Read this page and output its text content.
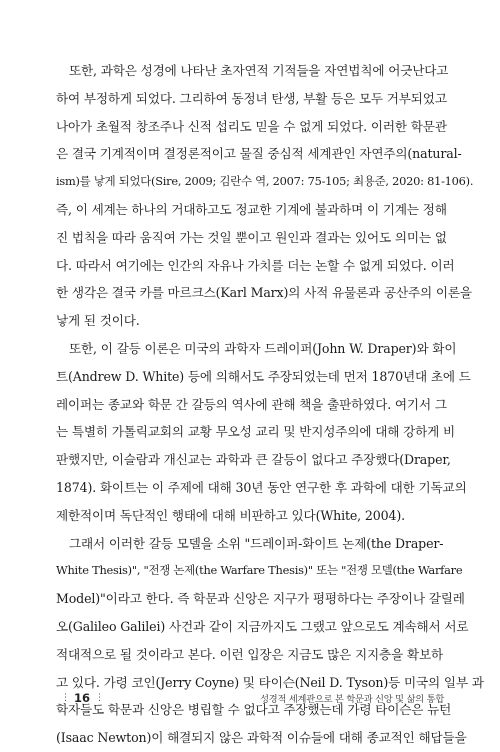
또한, 과학은 성경에 나타난 초자연적 기적들을 자연법칙에 어긋난다고
하여 부정하게 되었다. 그리하여 동정녀 탄생, 부활 등은 모두 거부되었고
나아가 초월적 창조주나 신적 섭리도 믿을 수 없게 되었다. 이러한 학문관
은 결국 기계적이며 결정론적이고 물질 중심적 세계관인 자연주의(natural-
ism)를 낳게 되었다(Sire, 2009; 김란수 역, 2007: 75-105; 최용준, 2020: 81-106).
즉, 이 세계는 하나의 거대하고도 정교한 기계에 불과하며 이 기계는 정해
진 법칙을 따라 움직여 가는 것일 뿐이고 원인과 결과는 있어도 의미는 없
다. 따라서 여기에는 인간의 자유나 가치를 더는 논할 수 없게 되었다. 이러
한 생각은 결국 카를 마르크스(Karl Marx)의 사적 유물론과 공산주의 이론을
낳게 된 것이다.
또한, 이 갈등 이론은 미국의 과학자 드레이퍼(John W. Draper)와 화이
트(Andrew D. White) 등에 의해서도 주장되었는데 먼저 1870년대 초에 드
레이퍼는 종교와 학문 간 갈등의 역사에 관해 책을 출판하였다. 여기서 그
는 특별히 가톨릭교회의 교황 무오성 교리 및 반지성주의에 대해 강하게 비
판했지만, 이슬람과 개신교는 과학과 큰 갈등이 없다고 주장했다(Draper,
1874). 화이트는 이 주제에 대해 30년 동안 연구한 후 과학에 대한 기독교의
제한적이며 독단적인 행태에 대해 비판하고 있다(White, 2004).
그래서 이러한 갈등 모델을 소위 "드레이퍼-화이트 논제(the Draper-
White Thesis)", "전쟁 논제(the Warfare Thesis)" 또는 "전쟁 모델(the Warfare
Model)"이라고 한다. 즉 학문과 신앙은 지구가 평평하다는 주장이나 갈릴레
오(Galileo Galilei) 사건과 같이 지금까지도 그랬고 앞으로도 계속해서 서로
적대적으로 될 것이라고 본다. 이런 입장은 지금도 많은 지지층을 확보하
고 있다. 가령 코인(Jerry Coyne) 및 타이슨(Neil D. Tyson)등 미국의 일부 과
학자들도 학문과 신앙은 병립할 수 없다고 주장했는데 가령 타이슨은 뉴턴
(Isaac Newton)이 해결되지 않은 과학적 이슈들에 대해 종교적인 해답들을
⋮ 16 ⋮	성경적 세계관으로 본 학문과 신앙 및 삶의 통합
